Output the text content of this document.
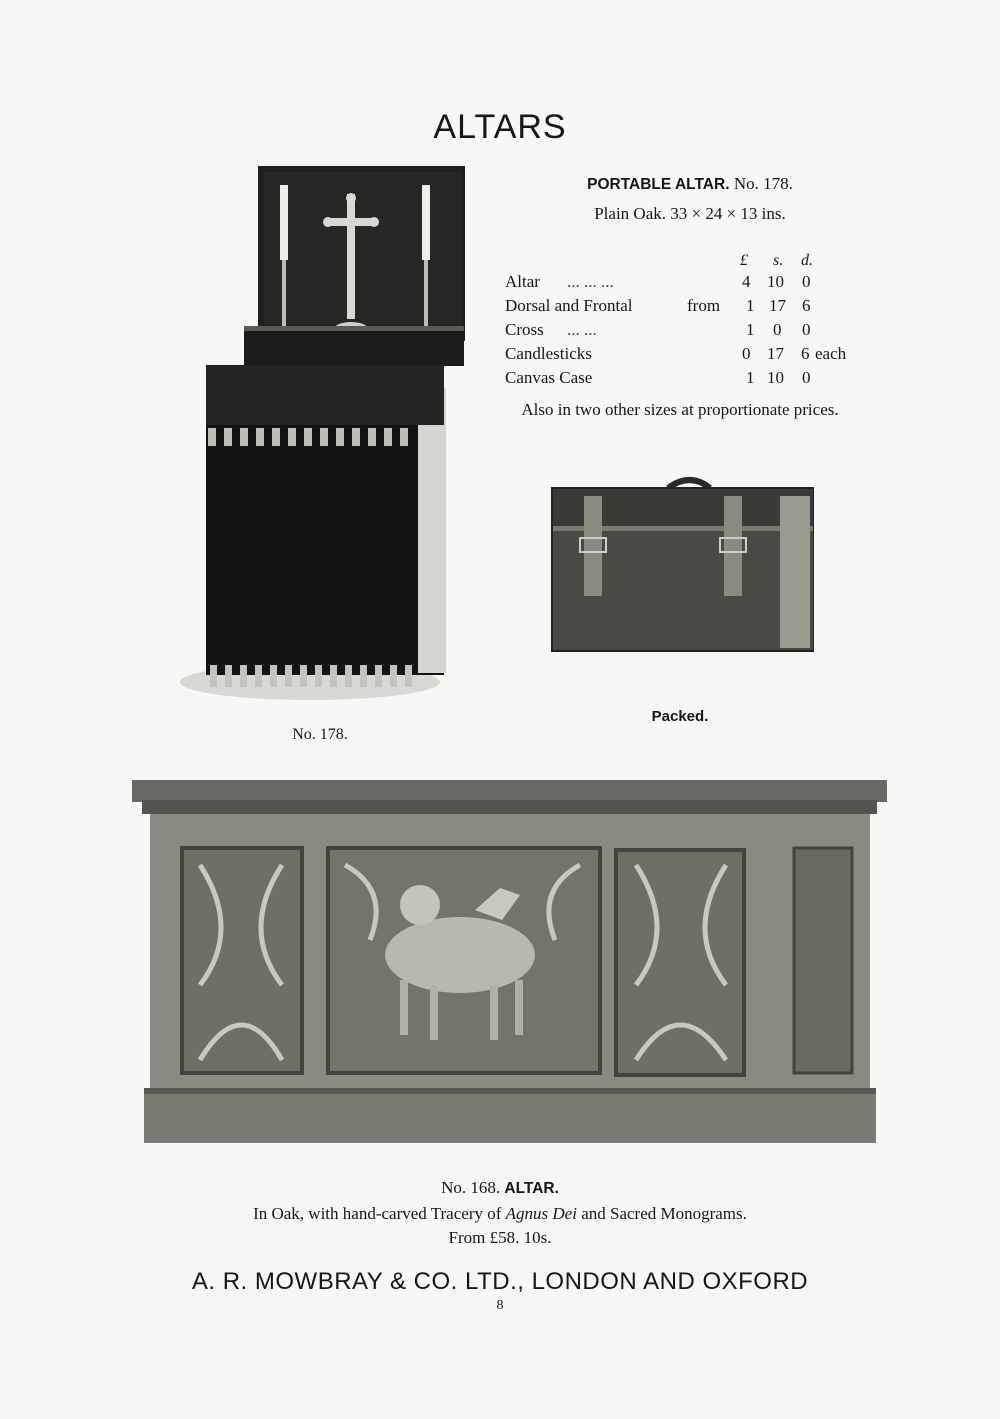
ALTARS
PORTABLE ALTAR. No. 178.
Plain Oak. 33 × 24 × 13 ins.
£ s. d.
Altar ... ... ...	4 10 0
Dorsal and Frontal	from 1 17 6
Cross ... ...	1 0 0
Candlesticks	0 17 6 each
Canvas Case	1 10 0
Also in two other sizes at proportionate prices.
Packed.
No. 178.
No. 168. ALTAR.
In Oak, with hand-carved Tracery of Agnus Dei and Sacred Monograms.
From £58. 10s.
A. R. MOWBRAY & CO. LTD., LONDON AND OXFORD
8
